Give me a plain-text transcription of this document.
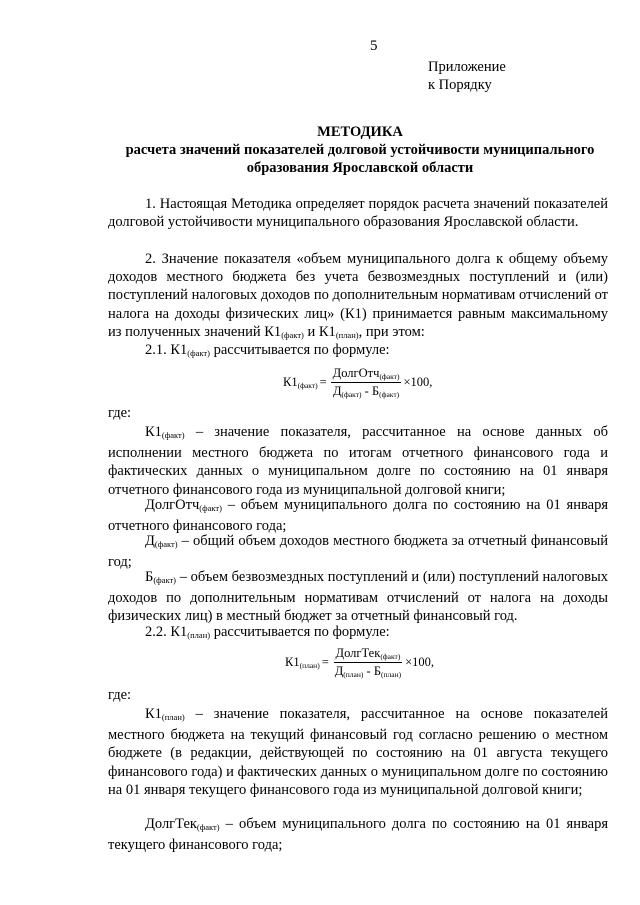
5
Приложение
к Порядку
МЕТОДИКА
расчета значений показателей долговой устойчивости муниципального
образования Ярославской области
1. Настоящая Методика определяет порядок расчета значений показателей долговой устойчивости муниципального образования Ярославской области.
2. Значение показателя «объем муниципального долга к общему объему доходов местного бюджета без учета безвозмездных поступлений и (или) поступлений налоговых доходов по дополнительным нормативам отчислений от налога на доходы физических лиц» (К1) принимается равным максимальному из полученных значений $К1_{(факт)}$ и $К1_{(план)}$, при этом:
2.1. $К1_{(факт)}$ рассчитывается по формуле:
$К1_{(факт)} = \frac{ДолгОтч_{(факт)}}{Д_{(факт)} - Б_{(факт)}} \times 100$,
где:
$К1_{(факт)}$ – значение показателя, рассчитанное на основе данных об исполнении местного бюджета по итогам отчетного финансового года и фактических данных о муниципальном долге по состоянию на 01 января отчетного финансового года из муниципальной долговой книги;
ДолгОтч$_{(факт)}$ – объем муниципального долга по состоянию на 01 января отчетного финансового года;
$Д_{(факт)}$ – общий объем доходов местного бюджета за отчетный финансовый год;
$Б_{(факт)}$ – объем безвозмездных поступлений и (или) поступлений налоговых доходов по дополнительным нормативам отчислений от налога на доходы физических лиц) в местный бюджет за отчетный финансовый год.
2.2. $К1_{(план)}$ рассчитывается по формуле:
$К1_{(план)} = \frac{ДолгТек_{(факт)}}{Д_{(план)} - Б_{(план)}} \times 100$,
где:
$К1_{(план)}$ – значение показателя, рассчитанное на основе показателей местного бюджета на текущий финансовый год согласно решению о местном бюджете (в редакции, действующей по состоянию на 01 августа текущего финансового года) и фактических данных о муниципальном долге по состоянию на 01 января текущего финансового года из муниципальной долговой книги;
ДолгТек$_{(факт)}$ – объем муниципального долга по состоянию на 01 января текущего финансового года;
